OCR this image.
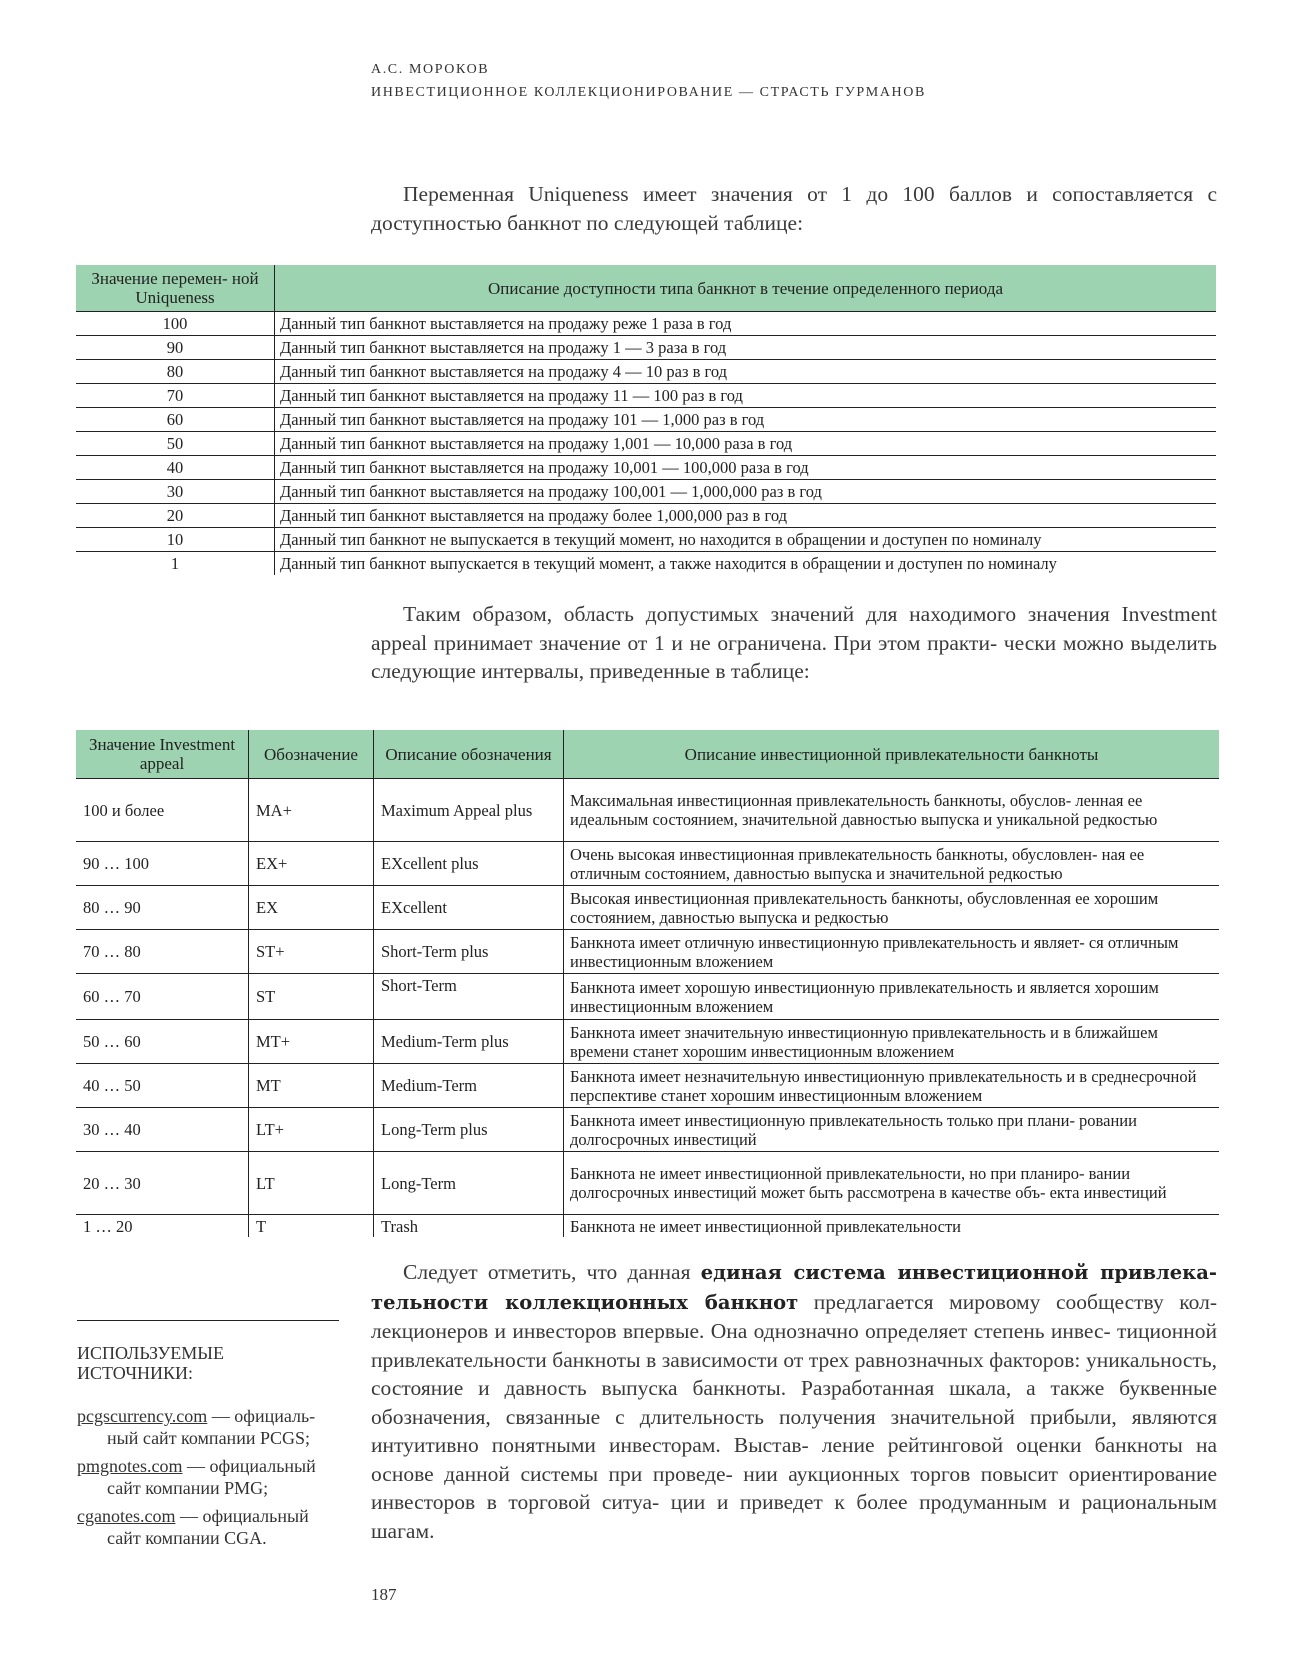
А.С. МОРОКОВ
ИНВЕСТИЦИОННОЕ КОЛЛЕКЦИОНИРОВАНИЕ — СТРАСТЬ ГУРМАНОВ
Переменная Uniqueness имеет значения от 1 до 100 баллов и сопоставляется с доступностью банкнот по следующей таблице:
Значение перемен- ной Uniqueness	Описание доступности типа банкнот в течение определенного периода
100	Данный тип банкнот выставляется на продажу реже 1 раза в год
90	Данный тип банкнот выставляется на продажу 1 — 3 раза в год
80	Данный тип банкнот выставляется на продажу 4 — 10 раз в год
70	Данный тип банкнот выставляется на продажу 11 — 100 раз в год
60	Данный тип банкнот выставляется на продажу 101 — 1,000 раз в год
50	Данный тип банкнот выставляется на продажу 1,001 — 10,000 раза в год
40	Данный тип банкнот выставляется на продажу 10,001 — 100,000 раза в год
30	Данный тип банкнот выставляется на продажу 100,001 — 1,000,000 раз в год
20	Данный тип банкнот выставляется на продажу более 1,000,000 раз в год
10	Данный тип банкнот не выпускается в текущий момент, но находится в обращении и доступен по номиналу
1	Данный тип банкнот выпускается в текущий момент, а также находится в обращении и доступен по номиналу
Таким образом, область допустимых значений для находимого значения Investment appeal принимает значение от 1 и не ограничена. При этом практи- чески можно выделить следующие интервалы, приведенные в таблице:
Значение Investment appeal	Обозначение	Описание обозначения	Описание инвестиционной привлекательности банкноты
100 и более	MA+	Maximum Appeal plus	Максимальная инвестиционная привлекательность банкноты, обуслов- ленная ее идеальным состоянием, значительной давностью выпуска и уникальной редкостью
90 … 100	EX+	EXcellent plus	Очень высокая инвестиционная привлекательность банкноты, обусловлен- ная ее отличным состоянием, давностью выпуска и значительной редкостью
80 … 90	EX	EXcellent	Высокая инвестиционная привлекательность банкноты, обусловленная ее хорошим состоянием, давностью выпуска и редкостью
70 … 80	ST+	Short-Term plus	Банкнота имеет отличную инвестиционную привлекательность и являет- ся отличным инвестиционным вложением
60 … 70	ST	Short-Term	Банкнота имеет хорошую инвестиционную привлекательность и является хорошим инвестиционным вложением
50 … 60	MT+	Medium-Term plus	Банкнота имеет значительную инвестиционную привлекательность и в ближайшем времени станет хорошим инвестиционным вложением
40 … 50	MT	Medium-Term	Банкнота имеет незначительную инвестиционную привлекательность и в среднесрочной перспективе станет хорошим инвестиционным вложением
30 … 40	LT+	Long-Term plus	Банкнота имеет инвестиционную привлекательность только при плани- ровании долгосрочных инвестиций
20 … 30	LT	Long-Term	Банкнота не имеет инвестиционной привлекательности, но при планиро- вании долгосрочных инвестиций может быть рассмотрена в качестве объ- екта инвестиций
1 … 20	T	Trash	Банкнота не имеет инвестиционной привлекательности
Следует отметить, что данная единая система инвестиционной привлека- тельности коллекционных банкнот предлагается мировому сообществу кол- лекционеров и инвесторов впервые. Она однозначно определяет степень инвес- тиционной привлекательности банкноты в зависимости от трех равнозначных факторов: уникальность, состояние и давность выпуска банкноты. Разработанная шкала, а также буквенные обозначения, связанные с длительность получения значительной прибыли, являются интуитивно понятными инвесторам. Выстав- ление рейтинговой оценки банкноты на основе данной системы при проведе- нии аукционных торгов повысит ориентирование инвесторов в торговой ситуа- ции и приведет к более продуманным и рациональным шагам.
ИСПОЛЬЗУЕМЫЕ ИСТОЧНИКИ:
pcgscurrency.com — официаль- ный сайт компании PCGS;
pmgnotes.com — официальный сайт компании PMG;
cganotes.com — официальный сайт компании CGA.
187
